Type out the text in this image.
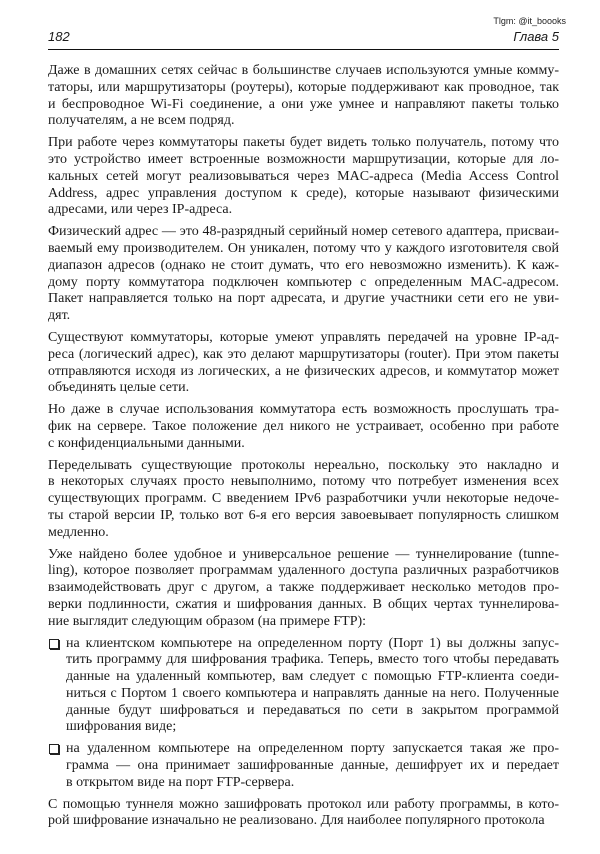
Tlgm: @it_boooks
182	Глава 5
Даже в домашних сетях сейчас в большинстве случаев используются умные комму-
таторы, или маршрутизаторы (роутеры), которые поддерживают как проводное, так
и беспроводное Wi-Fi соединение, а они уже умнее и направляют пакеты только
получателям, а не всем подряд.
При работе через коммутаторы пакеты будет видеть только получатель, потому что
это устройство имеет встроенные возможности маршрутизации, которые для ло-
кальных сетей могут реализовываться через MAC-адреса (Media Access Control
Address, адрес управления доступом к среде), которые называют физическими
адресами, или через IP-адреса.
Физический адрес — это 48-разрядный серийный номер сетевого адаптера, присваи-
ваемый ему производителем. Он уникален, потому что у каждого изготовителя свой
диапазон адресов (однако не стоит думать, что его невозможно изменить). К каж-
дому порту коммутатора подключен компьютер с определенным MAC-адресом.
Пакет направляется только на порт адресата, и другие участники сети его не уви-
дят.
Существуют коммутаторы, которые умеют управлять передачей на уровне IP-ад-
реса (логический адрес), как это делают маршрутизаторы (router). При этом пакеты
отправляются исходя из логических, а не физических адресов, и коммутатор может
объединять целые сети.
Но даже в случае использования коммутатора есть возможность прослушать тра-
фик на сервере. Такое положение дел никого не устраивает, особенно при работе
с конфиденциальными данными.
Переделывать существующие протоколы нереально, поскольку это накладно и
в некоторых случаях просто невыполнимо, потому что потребует изменения всех
существующих программ. С введением IPv6 разработчики учли некоторые недоче-
ты старой версии IP, только вот 6-я его версия завоевывает популярность слишком
медленно.
Уже найдено более удобное и универсальное решение — туннелирование (tunne-
ling), которое позволяет программам удаленного доступа различных разработчиков
взаимодействовать друг с другом, а также поддерживает несколько методов про-
верки подлинности, сжатия и шифрования данных. В общих чертах туннелирова-
ние выглядит следующим образом (на примере FTP):
на клиентском компьютере на определенном порту (Порт 1) вы должны запус-
тить программу для шифрования трафика. Теперь, вместо того чтобы передавать
данные на удаленный компьютер, вам следует с помощью FTP-клиента соеди-
ниться с Портом 1 своего компьютера и направлять данные на него. Полученные
данные будут шифроваться и передаваться по сети в закрытом программой
шифрования виде;
на удаленном компьютере на определенном порту запускается такая же про-
грамма — она принимает зашифрованные данные, дешифрует их и передает
в открытом виде на порт FTP-сервера.
С помощью туннеля можно зашифровать протокол или работу программы, в кото-
рой шифрование изначально не реализовано. Для наиболее популярного протокола
